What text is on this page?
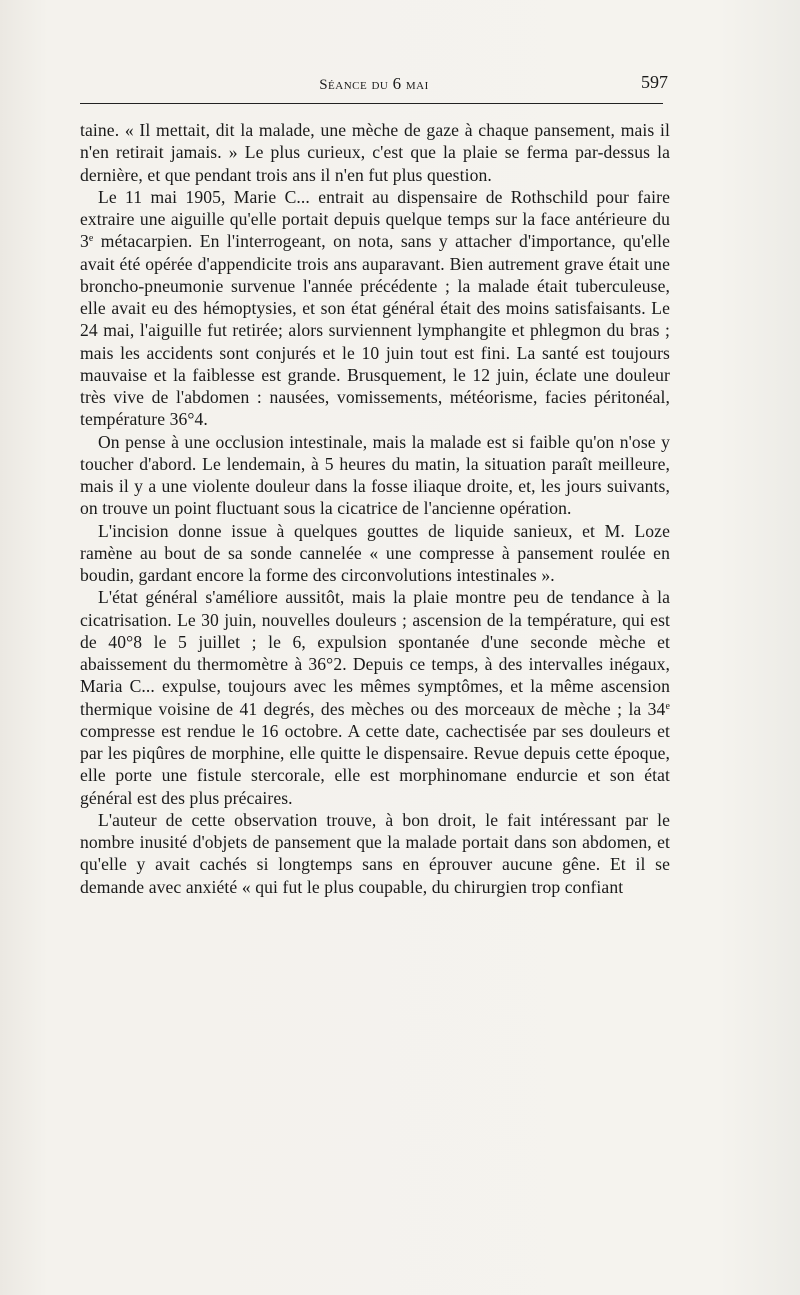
Séance du 6 mai	597

taine. « Il mettait, dit la malade, une mèche de gaze à chaque pansement, mais il n'en retirait jamais. » Le plus curieux, c'est que la plaie se ferma par-dessus la dernière, et que pendant trois ans il n'en fut plus question.

Le 11 mai 1905, Marie C... entrait au dispensaire de Rothschild pour faire extraire une aiguille qu'elle portait depuis quelque temps sur la face antérieure du 3e métacarpien. En l'interrogeant, on nota, sans y attacher d'importance, qu'elle avait été opérée d'appendicite trois ans auparavant. Bien autrement grave était une broncho-pneumonie survenue l'année précédente ; la malade était tuberculeuse, elle avait eu des hémoptysies, et son état général était des moins satisfaisants. Le 24 mai, l'aiguille fut retirée; alors surviennent lymphangite et phlegmon du bras ; mais les accidents sont conjurés et le 10 juin tout est fini. La santé est toujours mauvaise et la faiblesse est grande. Brusquement, le 12 juin, éclate une douleur très vive de l'abdomen : nausées, vomissements, météorisme, facies péritonéal, température 36°4.

On pense à une occlusion intestinale, mais la malade est si faible qu'on n'ose y toucher d'abord. Le lendemain, à 5 heures du matin, la situation paraît meilleure, mais il y a une violente douleur dans la fosse iliaque droite, et, les jours suivants, on trouve un point fluctuant sous la cicatrice de l'ancienne opération.

L'incision donne issue à quelques gouttes de liquide sanieux, et M. Loze ramène au bout de sa sonde cannelée « une compresse à pansement roulée en boudin, gardant encore la forme des circonvolutions intestinales ».

L'état général s'améliore aussitôt, mais la plaie montre peu de tendance à la cicatrisation. Le 30 juin, nouvelles douleurs ; ascension de la température, qui est de 40°8 le 5 juillet ; le 6, expulsion spontanée d'une seconde mèche et abaissement du thermomètre à 36°2. Depuis ce temps, à des intervalles inégaux, Maria C... expulse, toujours avec les mêmes symptômes, et la même ascension thermique voisine de 41 degrés, des mèches ou des morceaux de mèche ; la 34e compresse est rendue le 16 octobre. A cette date, cachectisée par ses douleurs et par les piqûres de morphine, elle quitte le dispensaire. Revue depuis cette époque, elle porte une fistule stercorale, elle est morphinomane endurcie et son état général est des plus précaires.

L'auteur de cette observation trouve, à bon droit, le fait intéressant par le nombre inusité d'objets de pansement que la malade portait dans son abdomen, et qu'elle y avait cachés si longtemps sans en éprouver aucune gêne. Et il se demande avec anxiété « qui fut le plus coupable, du chirurgien trop confiant
